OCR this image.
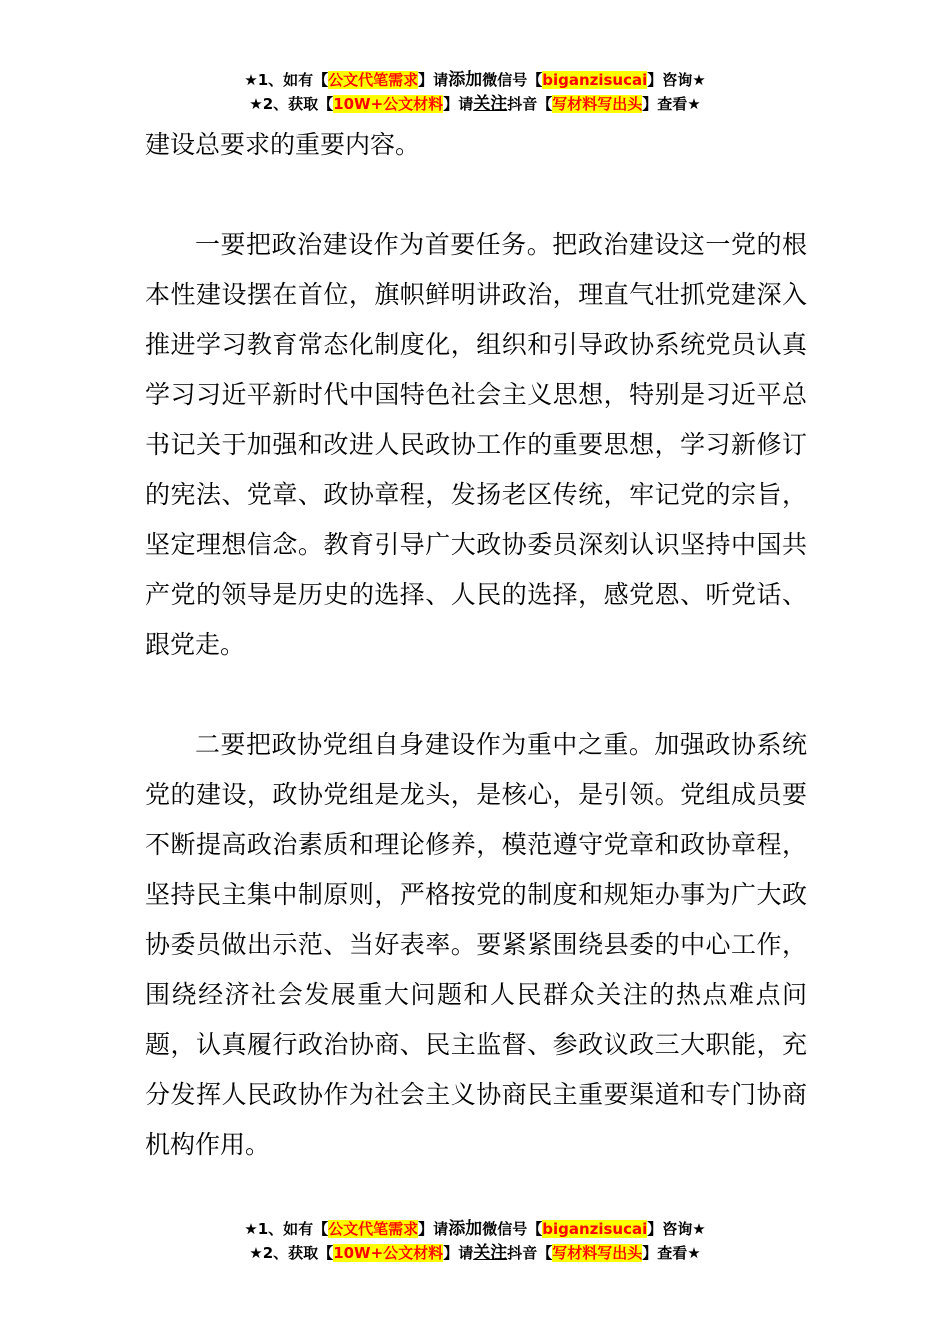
★1、如有【公文代笔需求】请添加微信号【biganzisucai】咨询★
★2、获取【10W+公文材料】请关注抖音【写材料写出头】查看★

建设总要求的重要内容。

一要把政治建设作为首要任务。把政治建设这一党的根本性建设摆在首位，旗帜鲜明讲政治，理直气壮抓党建深入推进学习教育常态化制度化，组织和引导政协系统党员认真学习习近平新时代中国特色社会主义思想，特别是习近平总书记关于加强和改进人民政协工作的重要思想，学习新修订的宪法、党章、政协章程，发扬老区传统，牢记党的宗旨，坚定理想信念。教育引导广大政协委员深刻认识坚持中国共产党的领导是历史的选择、人民的选择，感党恩、听党话、跟党走。

二要把政协党组自身建设作为重中之重。加强政协系统党的建设，政协党组是龙头，是核心，是引领。党组成员要不断提高政治素质和理论修养，模范遵守党章和政协章程，坚持民主集中制原则，严格按党的制度和规矩办事为广大政协委员做出示范、当好表率。要紧紧围绕县委的中心工作，围绕经济社会发展重大问题和人民群众关注的热点难点问题，认真履行政治协商、民主监督、参政议政三大职能，充分发挥人民政协作为社会主义协商民主重要渠道和专门协商机构作用。

★1、如有【公文代笔需求】请添加微信号【biganzisucai】咨询★
★2、获取【10W+公文材料】请关注抖音【写材料写出头】查看★
